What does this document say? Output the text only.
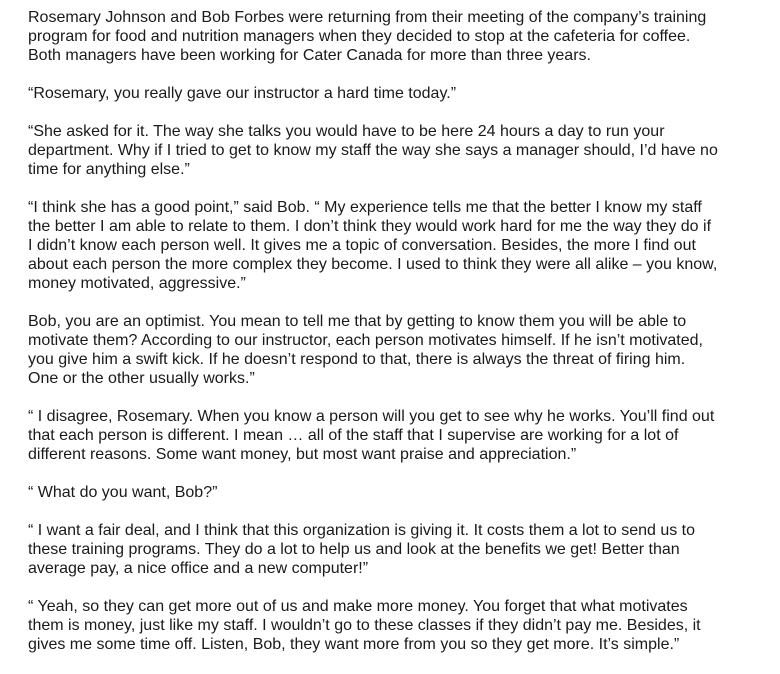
Rosemary Johnson and Bob Forbes were returning from their meeting of the company’s training
program for food and nutrition managers when they decided to stop at the cafeteria for coffee.
Both managers have been working for Cater Canada for more than three years.

“Rosemary, you really gave our instructor a hard time today.”

“She asked for it. The way she talks you would have to be here 24 hours a day to run your
department. Why if I tried to get to know my staff the way she says a manager should, I’d have no
time for anything else.”

“I think she has a good point,” said Bob. “ My experience tells me that the better I know my staff
the better I am able to relate to them. I don’t think they would work hard for me the way they do if
I didn’t know each person well. It gives me a topic of conversation. Besides, the more I find out
about each person the more complex they become. I used to think they were all alike – you know,
money motivated, aggressive.”

Bob, you are an optimist. You mean to tell me that by getting to know them you will be able to
motivate them? According to our instructor, each person motivates himself. If he isn’t motivated,
you give him a swift kick. If he doesn’t respond to that, there is always the threat of firing him.
One or the other usually works.”

“ I disagree, Rosemary. When you know a person will you get to see why he works. You’ll find out
that each person is different. I mean … all of the staff that I supervise are working for a lot of
different reasons. Some want money, but most want praise and appreciation.”

“ What do you want, Bob?”

“ I want a fair deal, and I think that this organization is giving it. It costs them a lot to send us to
these training programs. They do a lot to help us and look at the benefits we get! Better than
average pay, a nice office and a new computer!”

“ Yeah, so they can get more out of us and make more money. You forget that what motivates
them is money, just like my staff. I wouldn’t go to these classes if they didn’t pay me. Besides, it
gives me some time off. Listen, Bob, they want more from you so they get more. It’s simple.”
